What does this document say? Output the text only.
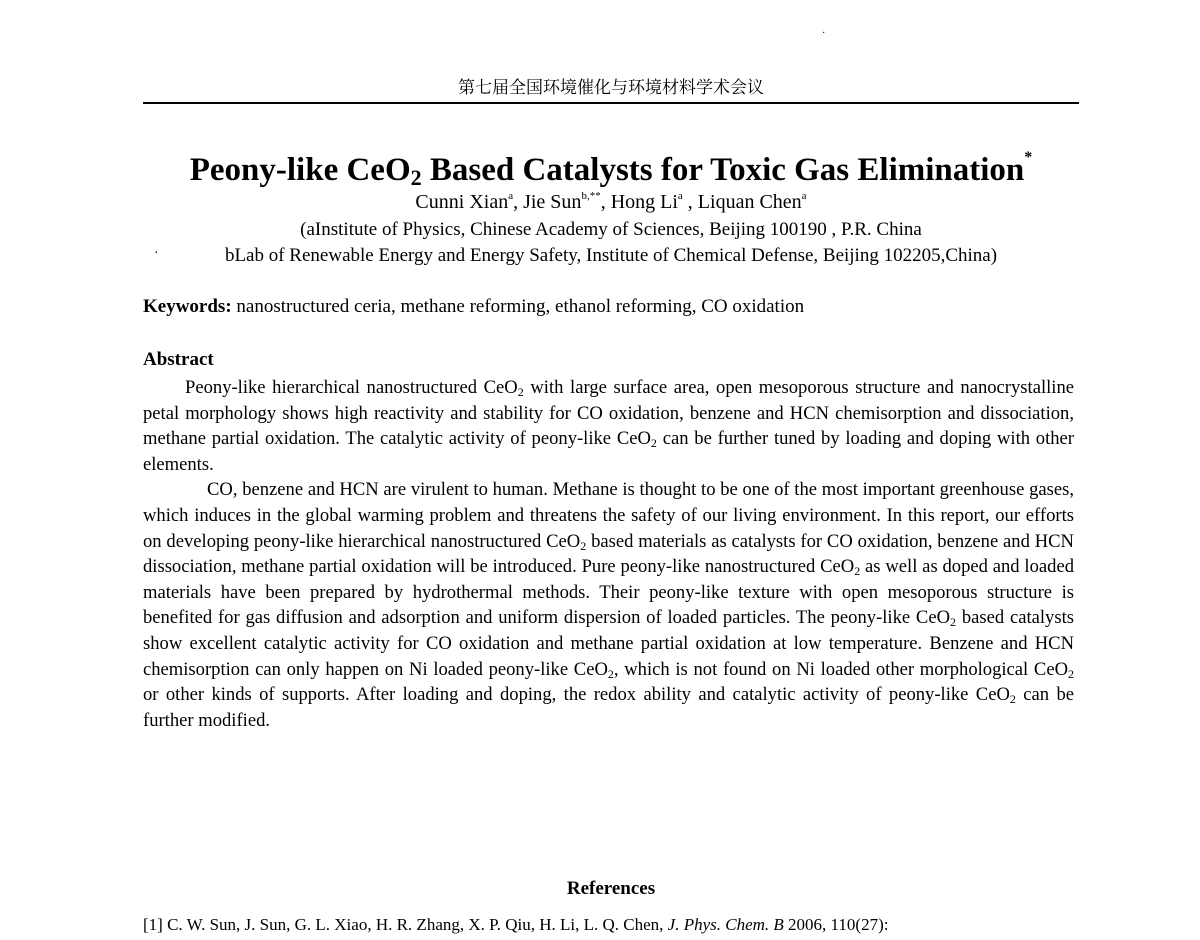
·
第七届全国环境催化与环境材料学术会议
Peony-like CeO$_2$ Based Catalysts for Toxic Gas Elimination*
Cunni Xian$^a$, Jie Sun$^{b,**}$, Hong Li$^a$ , Liquan Chen$^a$
(aInstitute of Physics, Chinese Academy of Sciences, Beijing 100190 , P.R. China
·	bLab of Renewable Energy and Energy Safety, Institute of Chemical Defense, Beijing 102205,China)
Keywords: nanostructured ceria, methane reforming, ethanol reforming, CO oxidation
Abstract

Peony-like hierarchical nanostructured CeO$_2$ with large surface area, open mesoporous structure and nanocrystalline petal morphology shows high reactivity and stability for CO oxidation, benzene and HCN chemisorption and dissociation, methane partial oxidation. The catalytic activity of peony-like CeO$_2$ can be further tuned by loading and doping with other elements.

CO, benzene and HCN are virulent to human. Methane is thought to be one of the most important greenhouse gases, which induces in the global warming problem and threatens the safety of our living environment. In this report, our efforts on developing peony-like hierarchical nanostructured CeO$_2$ based materials as catalysts for CO oxidation, benzene and HCN dissociation, methane partial oxidation will be introduced. Pure peony-like nanostructured CeO$_2$ as well as doped and loaded materials have been prepared by hydrothermal methods. Their peony-like texture with open mesoporous structure is benefited for gas diffusion and adsorption and uniform dispersion of loaded particles. The peony-like CeO$_2$ based catalysts show excellent catalytic activity for CO oxidation and methane partial oxidation at low temperature. Benzene and HCN chemisorption can only happen on Ni loaded peony-like CeO$_2$, which is not found on Ni loaded other morphological CeO$_2$ or other kinds of supports. After loading and doping, the redox ability and catalytic activity of peony-like CeO$_2$ can be further modified.

References
[1] C. W. Sun, J. Sun, G. L. Xiao, H. R. Zhang, X. P. Qiu, H. Li, L. Q. Chen, J. Phys. Chem. B 2006, 110(27):
